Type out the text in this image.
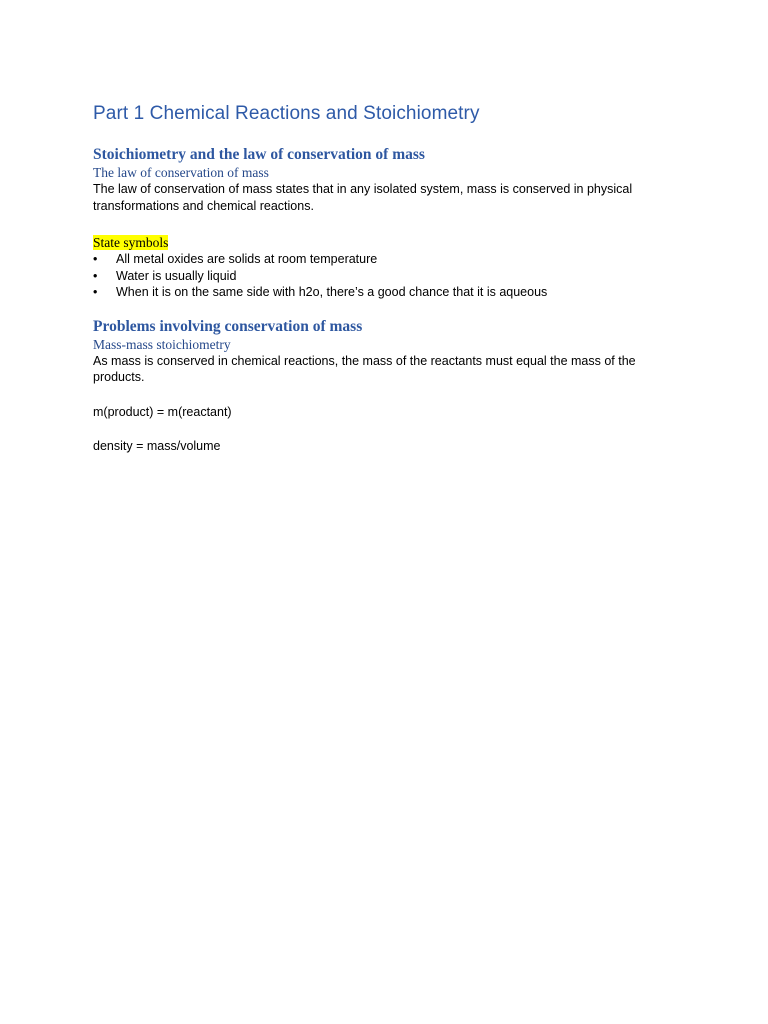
Part 1 Chemical Reactions and Stoichiometry
Stoichiometry and the law of conservation of mass
The law of conservation of mass

The law of conservation of mass states that in any isolated system, mass is conserved in physical transformations and chemical reactions.

State symbols
• All metal oxides are solids at room temperature
• Water is usually liquid
• When it is on the same side with h2o, there’s a good chance that it is aqueous
Problems involving conservation of mass
Mass-mass stoichiometry

As mass is conserved in chemical reactions, the mass of the reactants must equal the mass of the products.

m(product) = m(reactant)

density = mass/volume
